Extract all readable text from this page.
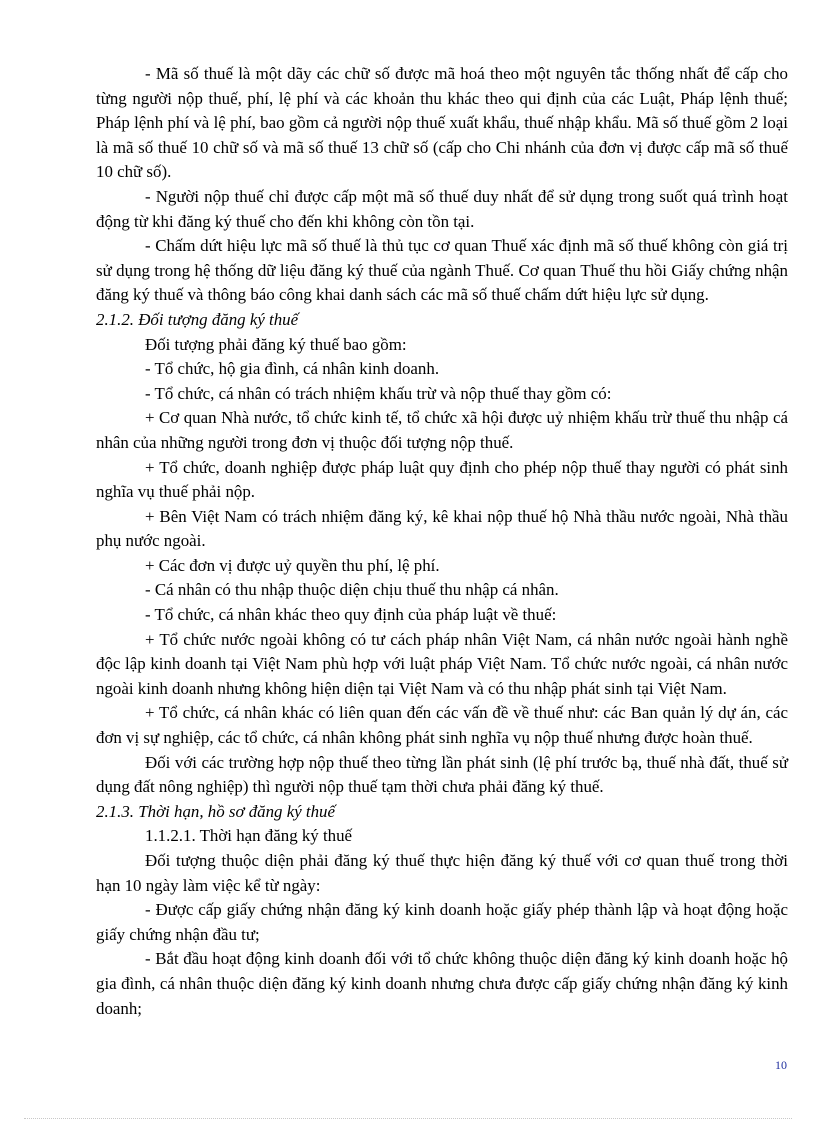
- Mã số thuế là một dãy các chữ số được mã hoá theo một nguyên tắc thống nhất để cấp cho từng người nộp thuế, phí, lệ phí và các khoản thu khác theo qui định của các Luật, Pháp lệnh thuế; Pháp lệnh phí và lệ phí, bao gồm cả người nộp thuế xuất khẩu, thuế nhập khẩu. Mã số thuế gồm 2 loại là mã số thuế 10 chữ số và mã số thuế 13 chữ số (cấp cho Chi nhánh của đơn vị được cấp mã số thuế 10 chữ số).

- Người nộp thuế chỉ được cấp một mã số thuế duy nhất để sử dụng trong suốt quá trình hoạt động từ khi đăng ký thuế cho đến khi không còn tồn tại.

- Chấm dứt hiệu lực mã số thuế là thủ tục cơ quan Thuế xác định mã số thuế không còn giá trị sử dụng trong hệ thống dữ liệu đăng ký thuế của ngành Thuế. Cơ quan Thuế thu hồi Giấy chứng nhận đăng ký thuế và thông báo công khai danh sách các mã số thuế chấm dứt hiệu lực sử dụng.

2.1.2. Đối tượng đăng ký thuế

Đối tượng phải đăng ký thuế bao gồm:

- Tổ chức, hộ gia đình, cá nhân kinh doanh.

- Tổ chức, cá nhân có trách nhiệm khấu trừ và nộp thuế thay gồm có:

+ Cơ quan Nhà nước, tổ chức kinh tế, tổ chức xã hội được uỷ nhiệm khấu trừ thuế thu nhập cá nhân của những người trong đơn vị thuộc đối tượng nộp thuế.

+ Tổ chức, doanh nghiệp được pháp luật quy định cho phép nộp thuế thay người có phát sinh nghĩa vụ thuế phải nộp.

+ Bên Việt Nam có trách nhiệm đăng ký, kê khai nộp thuế hộ Nhà thầu nước ngoài, Nhà thầu phụ nước ngoài.

+ Các đơn vị được uỷ quyền thu phí, lệ phí.

- Cá nhân có thu nhập thuộc diện chịu thuế thu nhập cá nhân.

- Tổ chức, cá nhân khác theo quy định của pháp luật về thuế:

+ Tổ chức nước ngoài không có tư cách pháp nhân Việt Nam, cá nhân nước ngoài hành nghề độc lập kinh doanh tại Việt Nam phù hợp với luật pháp Việt Nam. Tổ chức nước ngoài, cá nhân nước ngoài kinh doanh nhưng không hiện diện tại Việt Nam và có thu nhập phát sinh tại Việt Nam.

+ Tổ chức, cá nhân khác có liên quan đến các vấn đề về thuế như: các Ban quản lý dự án, các đơn vị sự nghiệp, các tổ chức, cá nhân không phát sinh nghĩa vụ nộp thuế nhưng được hoàn thuế.

Đối với các trường hợp nộp thuế theo từng lần phát sinh (lệ phí trước bạ, thuế nhà đất, thuế sử dụng đất nông nghiệp) thì người nộp thuế tạm thời chưa phải đăng ký thuế.

2.1.3. Thời hạn, hồ sơ đăng ký thuế

1.1.2.1. Thời hạn đăng ký thuế

Đối tượng thuộc diện phải đăng ký thuế thực hiện đăng ký thuế với cơ quan thuế trong thời hạn 10 ngày làm việc kể từ ngày:

- Được cấp giấy chứng nhận đăng ký kinh doanh hoặc giấy phép thành lập và hoạt động hoặc giấy chứng nhận đầu tư;

- Bắt đầu hoạt động kinh doanh đối với tổ chức không thuộc diện đăng ký kinh doanh hoặc hộ gia đình, cá nhân thuộc diện đăng ký kinh doanh nhưng chưa được cấp giấy chứng nhận đăng ký kinh doanh;

10
